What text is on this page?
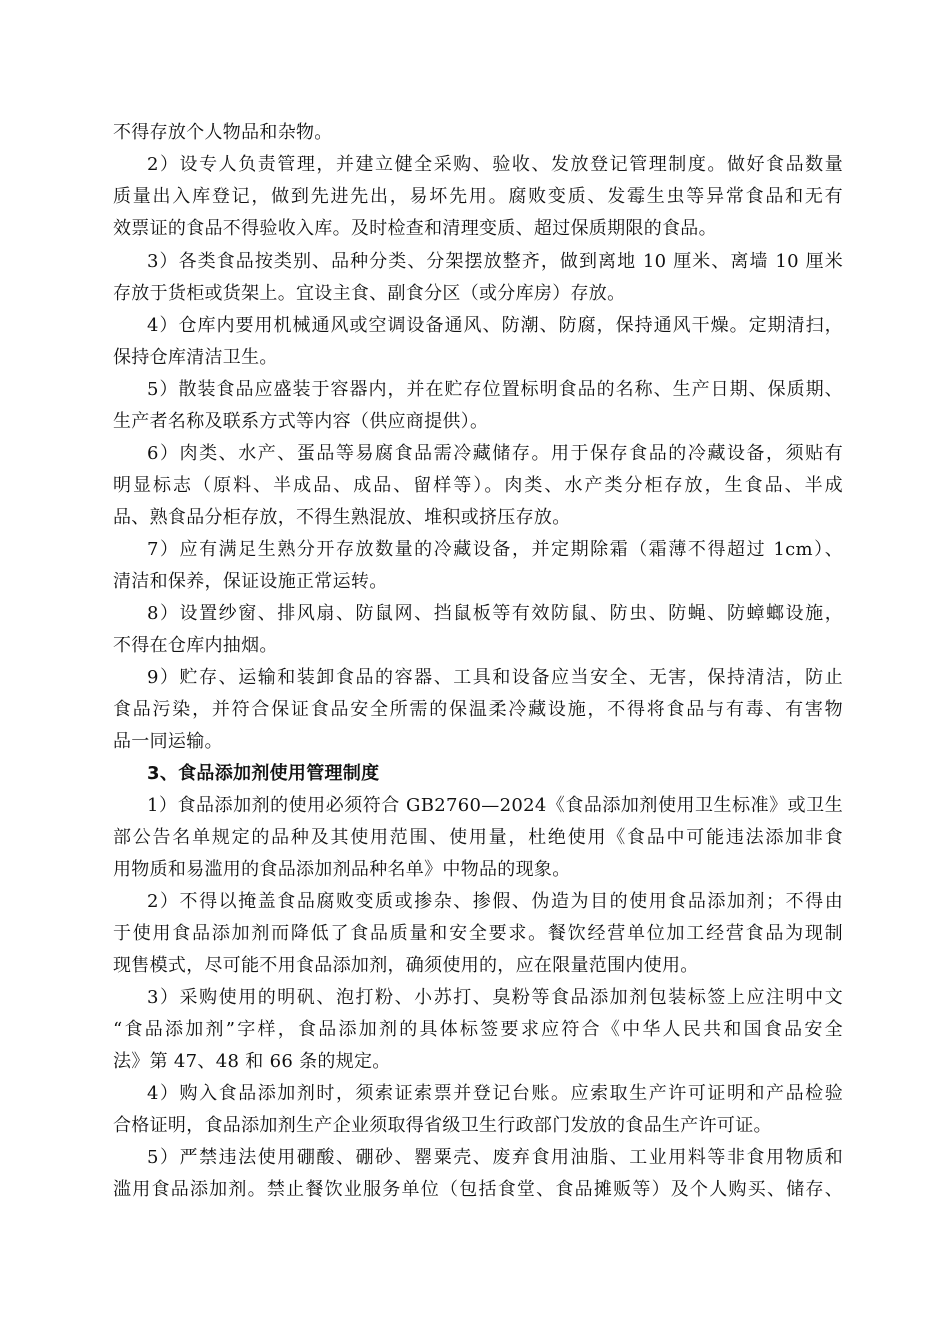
不得存放个人物品和杂物。
2）设专人负责管理，并建立健全采购、验收、发放登记管理制度。做好食品数量
质量出入库登记，做到先进先出，易坏先用。腐败变质、发霉生虫等异常食品和无有
效票证的食品不得验收入库。及时检查和清理变质、超过保质期限的食品。
3）各类食品按类别、品种分类、分架摆放整齐，做到离地 10 厘米、离墙 10 厘米
存放于货柜或货架上。宜设主食、副食分区（或分库房）存放。
4）仓库内要用机械通风或空调设备通风、防潮、防腐，保持通风干燥。定期清扫，
保持仓库清洁卫生。
5）散装食品应盛装于容器内，并在贮存位置标明食品的名称、生产日期、保质期、
生产者名称及联系方式等内容（供应商提供）。
6）肉类、水产、蛋品等易腐食品需冷藏储存。用于保存食品的冷藏设备，须贴有
明显标志（原料、半成品、成品、留样等）。肉类、水产类分柜存放，生食品、半成
品、熟食品分柜存放，不得生熟混放、堆积或挤压存放。
7）应有满足生熟分开存放数量的冷藏设备，并定期除霜（霜薄不得超过 1cm）、
清洁和保养，保证设施正常运转。
8）设置纱窗、排风扇、防鼠网、挡鼠板等有效防鼠、防虫、防蝇、防蟑螂设施，
不得在仓库内抽烟。
9）贮存、运输和装卸食品的容器、工具和设备应当安全、无害，保持清洁，防止
食品污染，并符合保证食品安全所需的保温柔冷藏设施，不得将食品与有毒、有害物
品一同运输。
3、食品添加剂使用管理制度
1）食品添加剂的使用必须符合 GB2760—2024《食品添加剂使用卫生标准》或卫生
部公告名单规定的品种及其使用范围、使用量，杜绝使用《食品中可能违法添加非食
用物质和易滥用的食品添加剂品种名单》中物品的现象。
2）不得以掩盖食品腐败变质或掺杂、掺假、伪造为目的使用食品添加剂；不得由
于使用食品添加剂而降低了食品质量和安全要求。餐饮经营单位加工经营食品为现制
现售模式，尽可能不用食品添加剂，确须使用的，应在限量范围内使用。
3）采购使用的明矾、泡打粉、小苏打、臭粉等食品添加剂包装标签上应注明中文
“食品添加剂”字样，食品添加剂的具体标签要求应符合《中华人民共和国食品安全
法》第 47、48 和 66 条的规定。
4）购入食品添加剂时，须索证索票并登记台账。应索取生产许可证明和产品检验
合格证明，食品添加剂生产企业须取得省级卫生行政部门发放的食品生产许可证。
5）严禁违法使用硼酸、硼砂、罂粟壳、废弃食用油脂、工业用料等非食用物质和
滥用食品添加剂。禁止餐饮业服务单位（包括食堂、食品摊贩等）及个人购买、储存、
